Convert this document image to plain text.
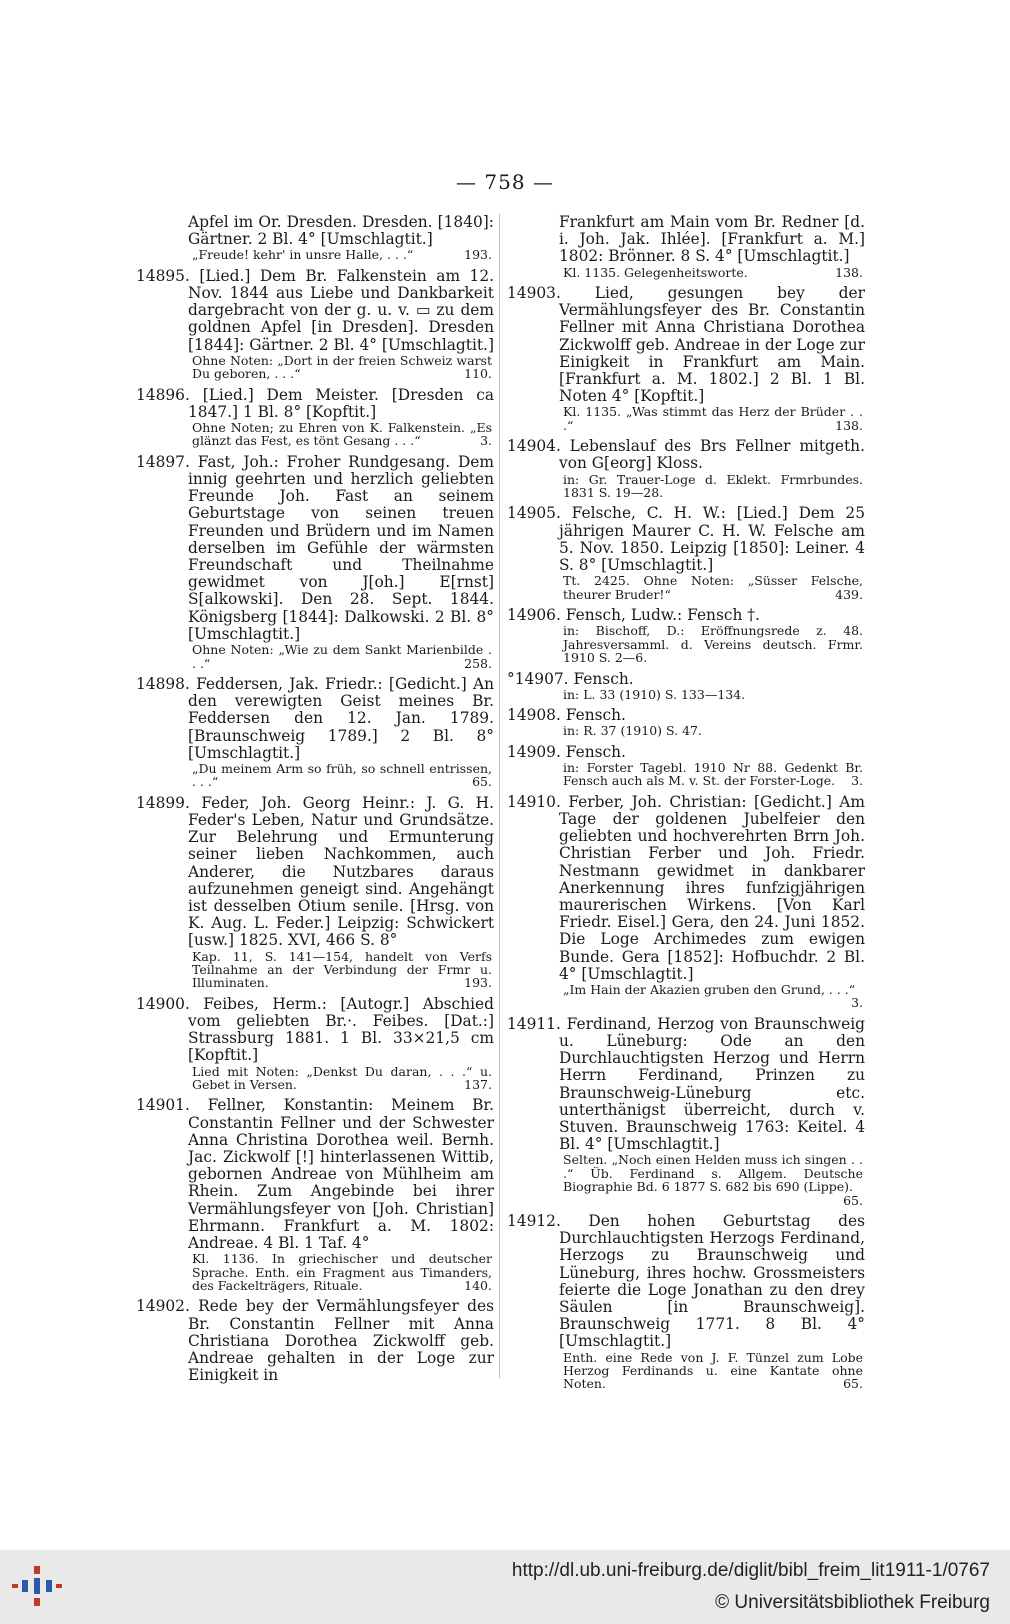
— 758 —
Apfel im Or. Dresden. Dresden. [1840]: Gärtner. 2 Bl. 4° [Umschlagtit.]
„Freude! kehr' in unsre Halle, . . .“	193.
14895. [Lied.] Dem Br. Falkenstein am 12. Nov. 1844 aus Liebe und Dankbarkeit dargebracht von der g. u. v. ▭ zu dem goldnen Apfel [in Dresden]. Dresden [1844]: Gärtner. 2 Bl. 4° [Umschlagtit.]
Ohne Noten: „Dort in der freien Schweiz warst Du geboren, . . .“	110.
14896. [Lied.] Dem Meister. [Dresden ca 1847.] 1 Bl. 8° [Kopftit.]
Ohne Noten; zu Ehren von K. Falkenstein. „Es glänzt das Fest, es tönt Gesang . . .“	3.
14897. Fast, Joh.: Froher Rundgesang. Dem innig geehrten und herzlich geliebten Freunde Joh. Fast an seinem Geburtstage von seinen treuen Freunden und Brüdern und im Namen derselben im Gefühle der wärmsten Freundschaft und Theilnahme gewidmet von J[oh.] E[rnst] S[alkowski]. Den 28. Sept. 1844. Königsberg [1844]: Dalkowski. 2 Bl. 8° [Umschlagtit.]
Ohne Noten: „Wie zu dem Sankt Marienbilde . . .“	258.
14898. Feddersen, Jak. Friedr.: [Gedicht.] An den verewigten Geist meines Br. Feddersen den 12. Jan. 1789. [Braunschweig 1789.] 2 Bl. 8° [Umschlagtit.]
„Du meinem Arm so früh, so schnell entrissen, . . .“	65.
14899. Feder, Joh. Georg Heinr.: J. G. H. Feder's Leben, Natur und Grundsätze. Zur Belehrung und Ermunterung seiner lieben Nachkommen, auch Anderer, die Nutzbares daraus aufzunehmen geneigt sind. Angehängt ist desselben Otium senile. [Hrsg. von K. Aug. L. Feder.] Leipzig: Schwickert [usw.] 1825. XVI, 466 S. 8°
Kap. 11, S. 141—154, handelt von Verfs Teilnahme an der Verbindung der Frmr u. Illuminaten.	193.
14900. Feibes, Herm.: [Autogr.] Abschied vom geliebten Br.·. Feibes. [Dat.:] Strassburg 1881. 1 Bl. 33×21,5 cm [Kopftit.]
Lied mit Noten: „Denkst Du daran, . . .“ u. Gebet in Versen.	137.
14901. Fellner, Konstantin: Meinem Br. Constantin Fellner und der Schwester Anna Christina Dorothea weil. Bernh. Jac. Zickwolf [!] hinterlassenen Wittib, gebornen Andreae von Mühlheim am Rhein. Zum Angebinde bei ihrer Vermählungsfeyer von [Joh. Christian] Ehrmann. Frankfurt a. M. 1802: Andreae. 4 Bl. 1 Taf. 4°
Kl. 1136. In griechischer und deutscher Sprache. Enth. ein Fragment aus Timanders, des Fackelträgers, Rituale.	140.
14902. Rede bey der Vermählungsfeyer des Br. Constantin Fellner mit Anna Christiana Dorothea Zickwolff geb. Andreae gehalten in der Loge zur Einigkeit in
Frankfurt am Main vom Br. Redner [d. i. Joh. Jak. Ihlée]. [Frankfurt a. M.] 1802: Brönner. 8 S. 4° [Umschlagtit.]
Kl. 1135. Gelegenheitsworte.	138.
14903. Lied, gesungen bey der Vermählungsfeyer des Br. Constantin Fellner mit Anna Christiana Dorothea Zickwolff geb. Andreae in der Loge zur Einigkeit in Frankfurt am Main. [Frankfurt a. M. 1802.] 2 Bl. 1 Bl. Noten 4° [Kopftit.]
Kl. 1135. „Was stimmt das Herz der Brüder . . .“	138.
14904. Lebenslauf des Brs Fellner mitgeth. von G[eorg] Kloss.
in: Gr. Trauer-Loge d. Eklekt. Frmrbundes. 1831 S. 19—28.
14905. Felsche, C. H. W.: [Lied.] Dem 25 jährigen Maurer C. H. W. Felsche am 5. Nov. 1850. Leipzig [1850]: Leiner. 4 S. 8° [Umschlagtit.]
Tt. 2425. Ohne Noten: „Süsser Felsche, theurer Bruder!“	439.
14906. Fensch, Ludw.: Fensch †.
in: Bischoff, D.: Eröffnungsrede z. 48. Jahresversamml. d. Vereins deutsch. Frmr. 1910 S. 2—6.
°14907. Fensch.
in: L. 33 (1910) S. 133—134.
14908. Fensch.
in: R. 37 (1910) S. 47.
14909. Fensch.
in: Forster Tagebl. 1910 Nr 88. Gedenkt Br. Fensch auch als M. v. St. der Forster-Loge. 3.
14910. Ferber, Joh. Christian: [Gedicht.] Am Tage der goldenen Jubelfeier den geliebten und hochverehrten Brrn Joh. Christian Ferber und Joh. Friedr. Nestmann gewidmet in dankbarer Anerkennung ihres funfzigjährigen maurerischen Wirkens. [Von Karl Friedr. Eisel.] Gera, den 24. Juni 1852. Die Loge Archimedes zum ewigen Bunde. Gera [1852]: Hofbuchdr. 2 Bl. 4° [Umschlagtit.]
„Im Hain der Akazien gruben den Grund, . . .“
3.
14911. Ferdinand, Herzog von Braunschweig u. Lüneburg: Ode an den Durchlauchtigsten Herzog und Herrn Herrn Ferdinand, Prinzen zu Braunschweig-Lüneburg etc. unterthänigst überreicht, durch v. Stuven. Braunschweig 1763: Keitel. 4 Bl. 4° [Umschlagtit.]
Selten. „Noch einen Helden muss ich singen . . .“ Üb. Ferdinand s. Allgem. Deutsche Biographie Bd. 6 1877 S. 682 bis 690 (Lippe).
65.
14912. Den hohen Geburtstag des Durchlauchtigsten Herzogs Ferdinand, Herzogs zu Braunschweig und Lüneburg, ihres hochw. Grossmeisters feierte die Loge Jonathan zu den drey Säulen [in Braunschweig]. Braunschweig 1771. 8 Bl. 4° [Umschlagtit.]
Enth. eine Rede von J. F. Tünzel zum Lobe Herzog Ferdinands u. eine Kantate ohne Noten.	65.
http://dl.ub.uni-freiburg.de/diglit/bibl_freim_lit1911-1/0767
© Universitätsbibliothek Freiburg
